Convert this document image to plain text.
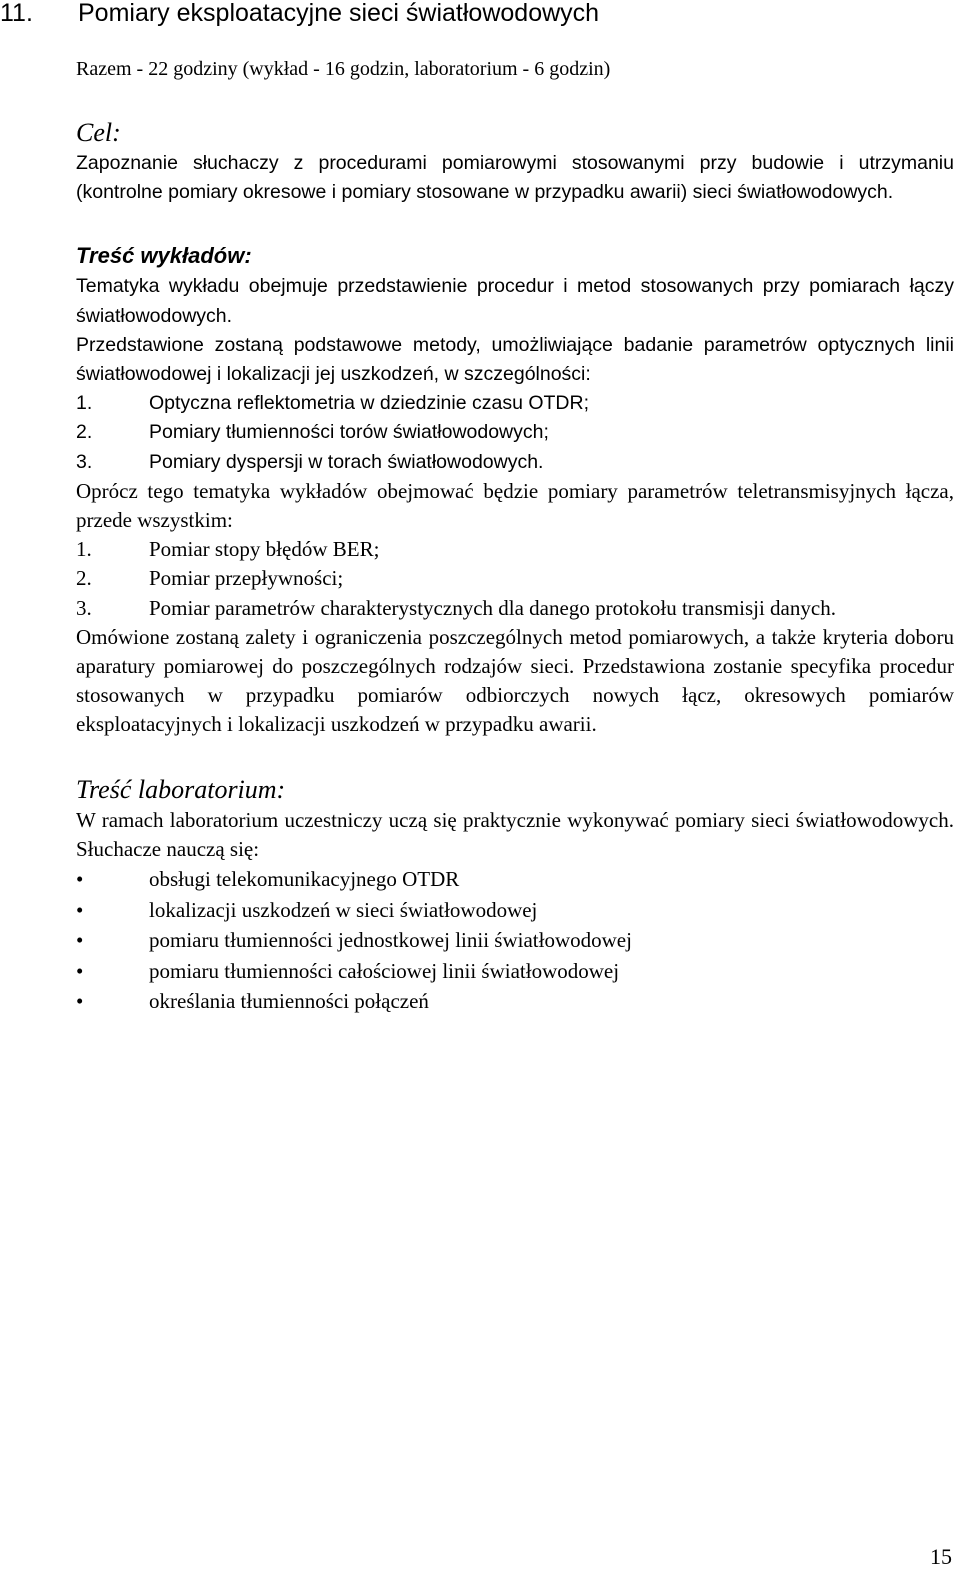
11. Pomiary eksploatacyjne sieci światłowodowych
Razem - 22 godziny (wykład - 16 godzin, laboratorium - 6 godzin)
Cel:

Zapoznanie słuchaczy z procedurami pomiarowymi stosowanymi przy budowie i utrzymaniu (kontrolne pomiary okresowe i pomiary stosowane w przypadku awarii) sieci światłowodowych.

Treść wykładów:

Tematyka wykładu obejmuje przedstawienie procedur i metod stosowanych przy pomiarach łączy światłowodowych.

Przedstawione zostaną podstawowe metody, umożliwiające badanie parametrów optycznych linii światłowodowej i lokalizacji jej uszkodzeń, w szczególności:

1.	Optyczna reflektometria w dziedzinie czasu OTDR;
2.	Pomiary tłumienności torów światłowodowych;
3.	Pomiary dyspersji w torach światłowodowych.

Oprócz tego tematyka wykładów obejmować będzie pomiary parametrów teletransmisyjnych łącza, przede wszystkim:

1.	Pomiar stopy błędów BER;
2.	Pomiar przepływności;

3.	Pomiar parametrów charakterystycznych dla danego protokołu transmisji danych.

Omówione zostaną zalety i ograniczenia poszczególnych metod pomiarowych, a także kryteria doboru aparatury pomiarowej do poszczególnych rodzajów sieci. Przedstawiona zostanie specyfika procedur stosowanych w przypadku pomiarów odbiorczych nowych łącz, okresowych pomiarów eksploatacyjnych i lokalizacji uszkodzeń w przypadku awarii.

Treść laboratorium:

W ramach laboratorium uczestniczy uczą się praktycznie wykonywać pomiary sieci światłowodowych. Słuchacze nauczą się:

•	obsługi telekomunikacyjnego OTDR
•	lokalizacji uszkodzeń w sieci światłowodowej
•	pomiaru tłumienności jednostkowej linii światłowodowej
•	pomiaru tłumienności całościowej linii światłowodowej
•	określania tłumienności połączeń
15
